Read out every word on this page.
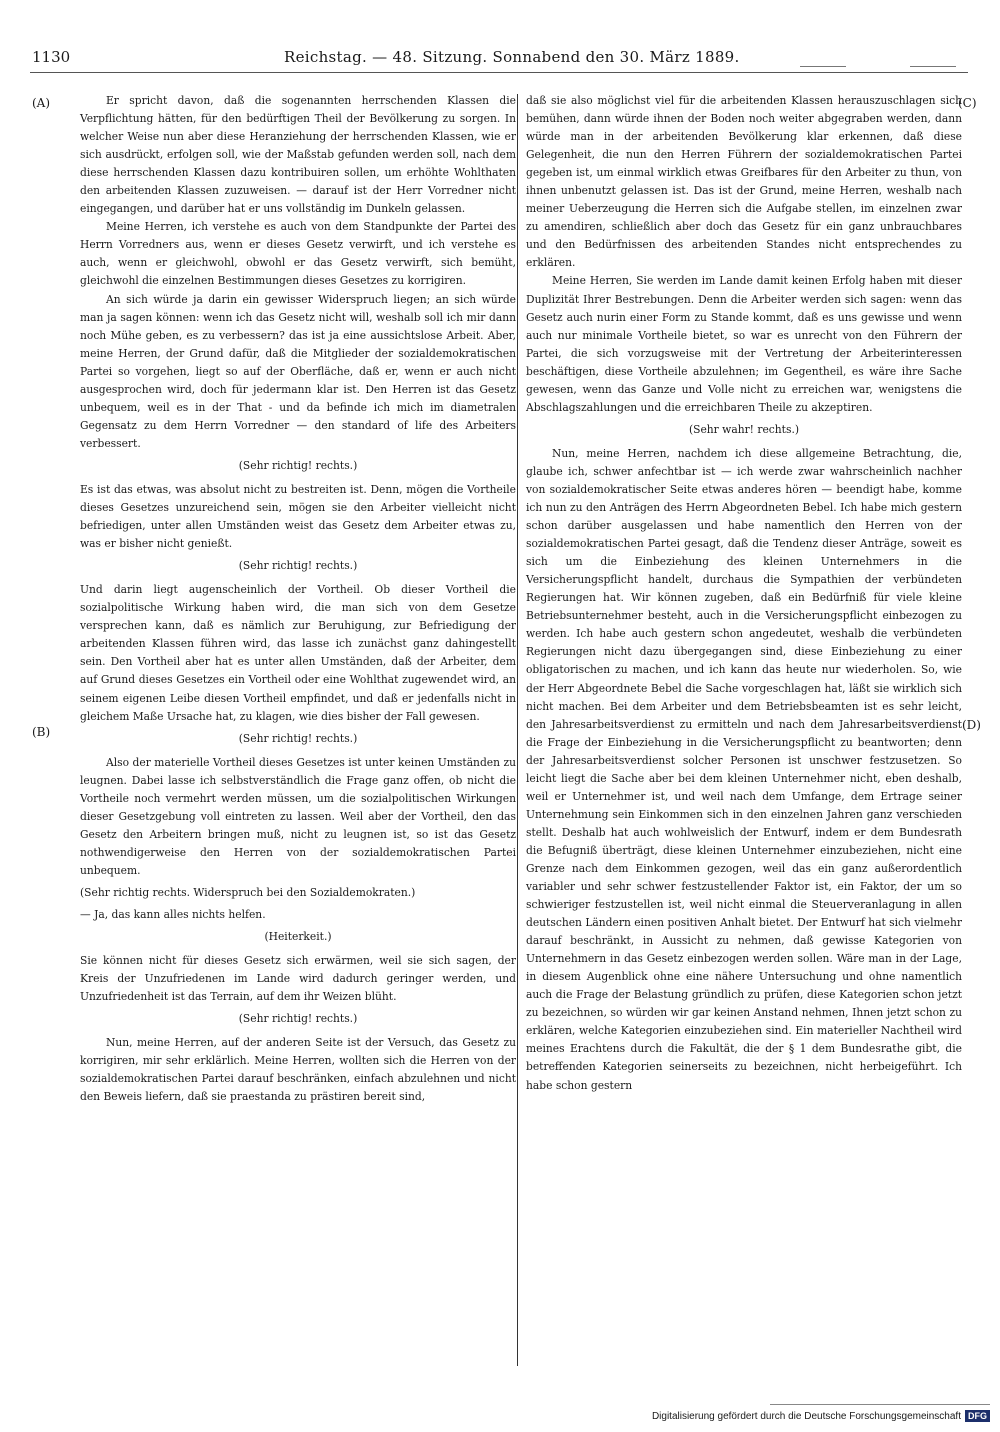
1130	Reichstag. — 48. Sitzung. Sonnabend den 30. März 1889.
(A)
(B)
(C)
(D)

Er spricht davon, daß die sogenannten herrschenden Klassen die Verpflichtung hätten, für den bedürftigen Theil der Bevölkerung zu sorgen. In welcher Weise nun aber diese Heranziehung der herrschenden Klassen, wie er sich ausdrückt, erfolgen soll, wie der Maßstab gefunden werden soll, nach dem diese herrschenden Klassen dazu kontribuiren sollen, um erhöhte Wohlthaten den arbeitenden Klassen zuzuweisen. — darauf ist der Herr Vorredner nicht eingegangen, und darüber hat er uns vollständig im Dunkeln gelassen.

Meine Herren, ich verstehe es auch von dem Standpunkte der Partei des Herrn Vorredners aus, wenn er dieses Gesetz verwirft, und ich verstehe es auch, wenn er gleichwohl, obwohl er das Gesetz verwirft, sich bemüht, gleichwohl die einzelnen Bestimmungen dieses Gesetzes zu korrigiren.

An sich würde ja darin ein gewisser Widerspruch liegen; an sich würde man ja sagen können: wenn ich das Gesetz nicht will, weshalb soll ich mir dann noch Mühe geben, es zu verbessern? das ist ja eine aussichtslose Arbeit. Aber, meine Herren, der Grund dafür, daß die Mitglieder der sozialdemokratischen Partei so vorgehen, liegt so auf der Oberfläche, daß er, wenn er auch nicht ausgesprochen wird, doch für jedermann klar ist. Den Herren ist das Gesetz unbequem, weil es in der That - und da befinde ich mich im diametralen Gegensatz zu dem Herrn Vorredner — den standard of life des Arbeiters verbessert.

(Sehr richtig! rechts.)

Es ist das etwas, was absolut nicht zu bestreiten ist. Denn, mögen die Vortheile dieses Gesetzes unzureichend sein, mögen sie den Arbeiter vielleicht nicht befriedigen, unter allen Umständen weist das Gesetz dem Arbeiter etwas zu, was er bisher nicht genießt.

(Sehr richtig! rechts.)

Und darin liegt augenscheinlich der Vortheil. Ob dieser Vortheil die sozialpolitische Wirkung haben wird, die man sich von dem Gesetze versprechen kann, daß es nämlich zur Beruhigung, zur Befriedigung der arbeitenden Klassen führen wird, das lasse ich zunächst ganz dahingestellt sein. Den Vortheil aber hat es unter allen Umständen, daß der Arbeiter, dem auf Grund dieses Gesetzes ein Vortheil oder eine Wohlthat zugewendet wird, an seinem eigenen Leibe diesen Vortheil empfindet, und daß er jedenfalls nicht in gleichem Maße Ursache hat, zu klagen, wie dies bisher der Fall gewesen.

(Sehr richtig! rechts.)

Also der materielle Vortheil dieses Gesetzes ist unter keinen Umständen zu leugnen. Dabei lasse ich selbstverständlich die Frage ganz offen, ob nicht die Vortheile noch vermehrt werden müssen, um die sozialpolitischen Wirkungen dieser Gesetzgebung voll eintreten zu lassen. Weil aber der Vortheil, den das Gesetz den Arbeitern bringen muß, nicht zu leugnen ist, so ist das Gesetz nothwendigerweise den Herren von der sozialdemokratischen Partei unbequem.

(Sehr richtig rechts. Widerspruch bei den Sozialdemokraten.)

— Ja, das kann alles nichts helfen.

(Heiterkeit.)

Sie können nicht für dieses Gesetz sich erwärmen, weil sie sich sagen, der Kreis der Unzufriedenen im Lande wird dadurch geringer werden, und Unzufriedenheit ist das Terrain, auf dem ihr Weizen blüht.

(Sehr richtig! rechts.)

Nun, meine Herren, auf der anderen Seite ist der Versuch, das Gesetz zu korrigiren, mir sehr erklärlich. Meine Herren, wollten sich die Herren von der sozialdemokratischen Partei darauf beschränken, einfach abzulehnen und nicht den Beweis liefern, daß sie praestanda zu prästiren bereit sind,

daß sie also möglichst viel für die arbeitenden Klassen herauszuschlagen sich bemühen, dann würde ihnen der Boden noch weiter abgegraben werden, dann würde man in der arbeitenden Bevölkerung klar erkennen, daß diese Gelegenheit, die nun den Herren Führern der sozialdemokratischen Partei gegeben ist, um einmal wirklich etwas Greifbares für den Arbeiter zu thun, von ihnen unbenutzt gelassen ist. Das ist der Grund, meine Herren, weshalb nach meiner Ueberzeugung die Herren sich die Aufgabe stellen, im einzelnen zwar zu amendiren, schließlich aber doch das Gesetz für ein ganz unbrauchbares und den Bedürfnissen des arbeitenden Standes nicht entsprechendes zu erklären.

Meine Herren, Sie werden im Lande damit keinen Erfolg haben mit dieser Duplizität Ihrer Bestrebungen. Denn die Arbeiter werden sich sagen: wenn das Gesetz auch nurin einer Form zu Stande kommt, daß es uns gewisse und wenn auch nur minimale Vortheile bietet, so war es unrecht von den Führern der Partei, die sich vorzugsweise mit der Vertretung der Arbeiterinteressen beschäftigen, diese Vortheile abzulehnen; im Gegentheil, es wäre ihre Sache gewesen, wenn das Ganze und Volle nicht zu erreichen war, wenigstens die Abschlagszahlungen und die erreichbaren Theile zu akzeptiren.

(Sehr wahr! rechts.)

Nun, meine Herren, nachdem ich diese allgemeine Betrachtung, die, glaube ich, schwer anfechtbar ist — ich werde zwar wahrscheinlich nachher von sozialdemokratischer Seite etwas anderes hören — beendigt habe, komme ich nun zu den Anträgen des Herrn Abgeordneten Bebel. Ich habe mich gestern schon darüber ausgelassen und habe namentlich den Herren von der sozialdemokratischen Partei gesagt, daß die Tendenz dieser Anträge, soweit es sich um die Einbeziehung des kleinen Unternehmers in die Versicherungspflicht handelt, durchaus die Sympathien der verbündeten Regierungen hat. Wir können zugeben, daß ein Bedürfniß für viele kleine Betriebsunternehmer besteht, auch in die Versicherungspflicht einbezogen zu werden. Ich habe auch gestern schon angedeutet, weshalb die verbündeten Regierungen nicht dazu übergegangen sind, diese Einbeziehung zu einer obligatorischen zu machen, und ich kann das heute nur wiederholen. So, wie der Herr Abgeordnete Bebel die Sache vorgeschlagen hat, läßt sie wirklich sich nicht machen. Bei dem Arbeiter und dem Betriebsbeamten ist es sehr leicht, den Jahresarbeitsverdienst zu ermitteln und nach dem Jahresarbeitsverdienst die Frage der Einbeziehung in die Versicherungspflicht zu beantworten; denn der Jahresarbeitsverdienst solcher Personen ist unschwer festzusetzen. So leicht liegt die Sache aber bei dem kleinen Unternehmer nicht, eben deshalb, weil er Unternehmer ist, und weil nach dem Umfange, dem Ertrage seiner Unternehmung sein Einkommen sich in den einzelnen Jahren ganz verschieden stellt. Deshalb hat auch wohlweislich der Entwurf, indem er dem Bundesrath die Befugniß überträgt, diese kleinen Unternehmer einzubeziehen, nicht eine Grenze nach dem Einkommen gezogen, weil das ein ganz außerordentlich variabler und sehr schwer festzustellender Faktor ist, ein Faktor, der um so schwieriger festzustellen ist, weil nicht einmal die Steuerveranlagung in allen deutschen Ländern einen positiven Anhalt bietet. Der Entwurf hat sich vielmehr darauf beschränkt, in Aussicht zu nehmen, daß gewisse Kategorien von Unternehmern in das Gesetz einbezogen werden sollen. Wäre man in der Lage, in diesem Augenblick ohne eine nähere Untersuchung und ohne namentlich auch die Frage der Belastung gründlich zu prüfen, diese Kategorien schon jetzt zu bezeichnen, so würden wir gar keinen Anstand nehmen, Ihnen jetzt schon zu erklären, welche Kategorien einzubeziehen sind. Ein materieller Nachtheil wird meines Erachtens durch die Fakultät, die der § 1 dem Bundesrathe gibt, die betreffenden Kategorien seinerseits zu bezeichnen, nicht herbeigeführt. Ich habe schon gestern

Digitalisierung gefördert durch die Deutsche Forschungsgemeinschaft DFG
